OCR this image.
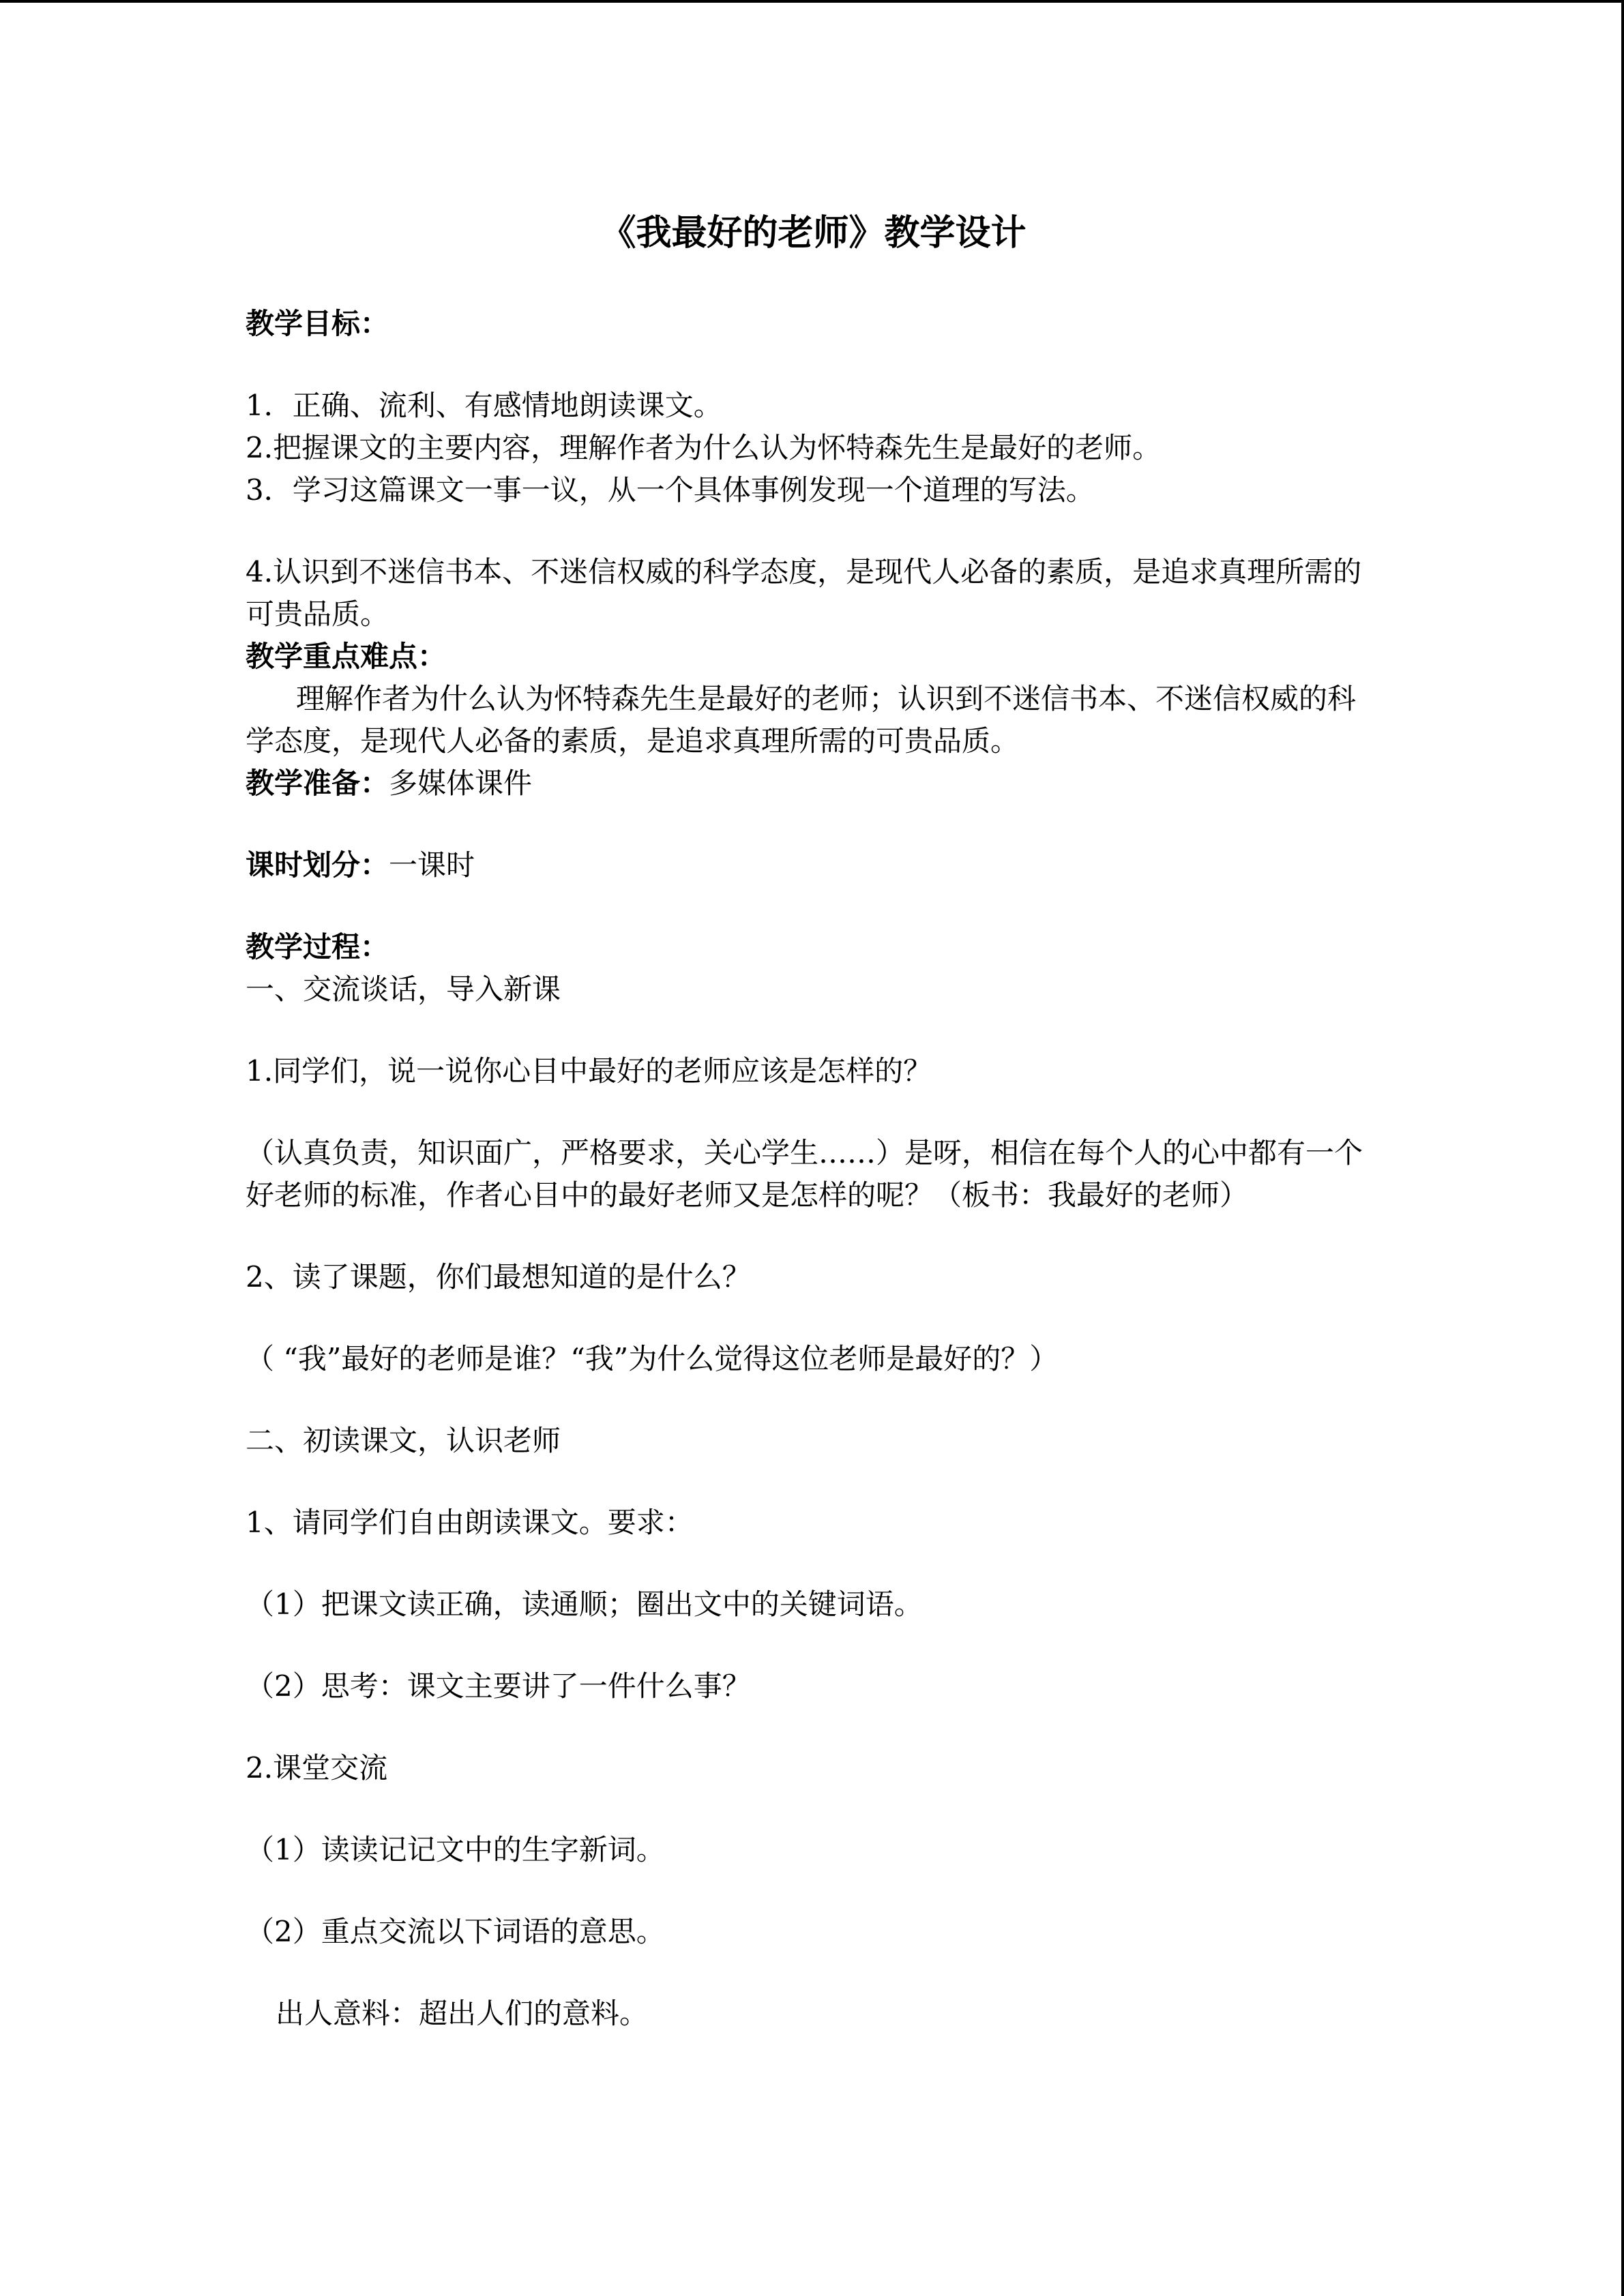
《我最好的老师》教学设计
教学目标：
1．正确、流利、有感情地朗读课文。
2.把握课文的主要内容，理解作者为什么认为怀特森先生是最好的老师。
3．学习这篇课文一事一议，从一个具体事例发现一个道理的写法。
4.认识到不迷信书本、不迷信权威的科学态度，是现代人必备的素质，是追求真理所需的可贵品质。
教学重点难点：
理解作者为什么认为怀特森先生是最好的老师；认识到不迷信书本、不迷信权威的科学态度，是现代人必备的素质，是追求真理所需的可贵品质。
教学准备：多媒体课件
课时划分：一课时
教学过程：
一、交流谈话，导入新课
1.同学们，说一说你心目中最好的老师应该是怎样的？
（认真负责，知识面广，严格要求，关心学生……）是呀，相信在每个人的心中都有一个好老师的标准，作者心目中的最好老师又是怎样的呢？（板书：我最好的老师）
2、读了课题，你们最想知道的是什么？
（ “我”最好的老师是谁？“我”为什么觉得这位老师是最好的？）
二、初读课文，认识老师
1、请同学们自由朗读课文。要求：
（1）把课文读正确，读通顺；圈出文中的关键词语。
（2）思考：课文主要讲了一件什么事？
2.课堂交流
（1）读读记记文中的生字新词。
（2）重点交流以下词语的意思。
出人意料：超出人们的意料。
